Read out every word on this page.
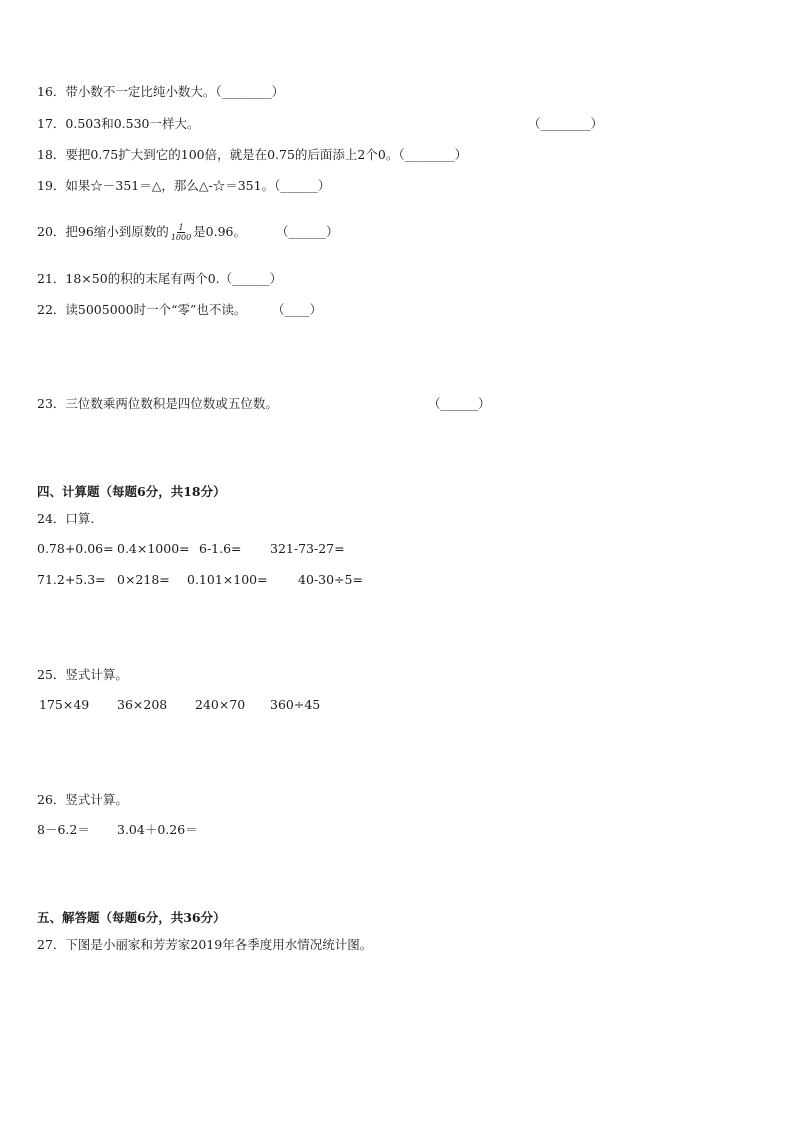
16．带小数不一定比纯小数大。（________）
17．0.503和0.530一样大。	（________）
18．要把0.75扩大到它的100倍，就是在0.75的后面添上2个0。（________）
19．如果☆－351＝△，那么△-☆＝351。（______）
20．把96缩小到原数的 $\frac{1}{1000}$ 是0.96。 （______）
21．18×50的积的末尾有两个0.（______）
22．读5005000时一个“零”也不读。 （____）
23．三位数乘两位数积是四位数或五位数。	（______）
四、计算题（每题6分，共18分）
24．口算.
0.78+0.06= 0.4×1000= 6-1.6= 321-73-27=
71.2+5.3= 0×218= 0.101×100= 40-30÷5=
25．竖式计算。
175×49 36×208 240×70 360÷45
26．竖式计算。
8－6.2＝ 3.04＋0.26＝
五、解答题（每题6分，共36分）
27．下图是小丽家和芳芳家2019年各季度用水情况统计图。
